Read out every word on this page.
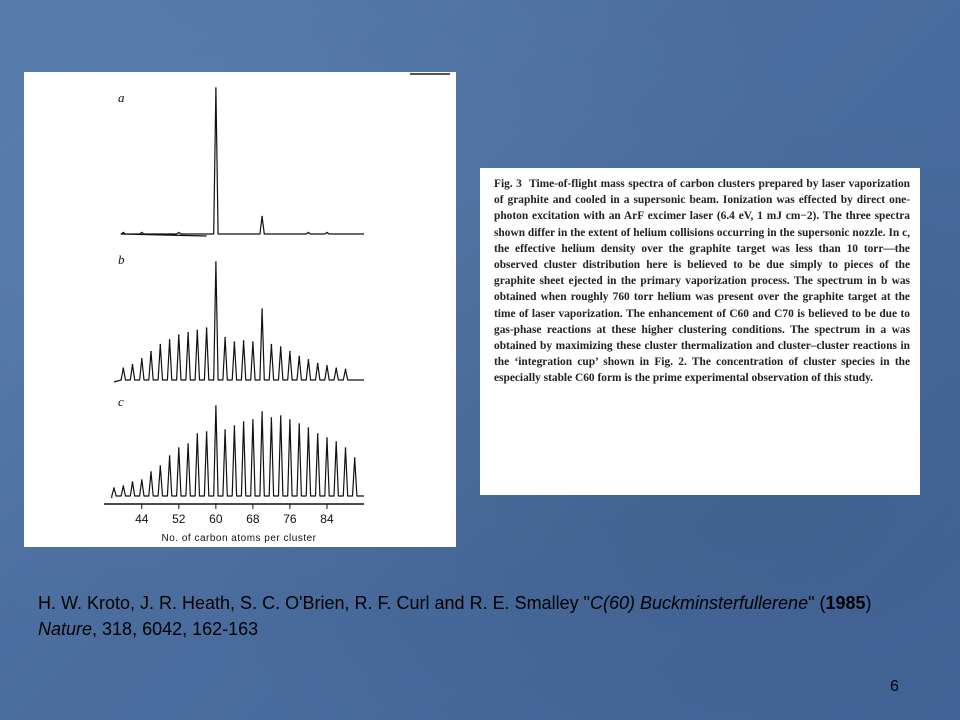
a
b
c
44 52 60 68 76 84
No. of carbon atoms per cluster
Fig. 3 Time-of-flight mass spectra of carbon clusters prepared by laser vaporization of graphite and cooled in a supersonic beam. Ionization was effected by direct one-photon excitation with an ArF excimer laser (6.4 eV, 1 mJ cm−2). The three spectra shown differ in the extent of helium collisions occurring in the supersonic nozzle. In c, the effective helium density over the graphite target was less than 10 torr—the observed cluster distribution here is believed to be due simply to pieces of the graphite sheet ejected in the primary vaporization process. The spectrum in b was obtained when roughly 760 torr helium was present over the graphite target at the time of laser vaporization. The enhancement of C60 and C70 is believed to be due to gas-phase reactions at these higher clustering conditions. The spectrum in a was obtained by maximizing these cluster thermalization and cluster–cluster reactions in the ‘integration cup’ shown in Fig. 2. The concentration of cluster species in the especially stable C60 form is the prime experimental observation of this study.
H. W. Kroto, J. R. Heath, S. C. O'Brien, R. F. Curl and R. E. Smalley "C(60) Buckminsterfullerene" (1985) Nature, 318, 6042, 162-163
6
